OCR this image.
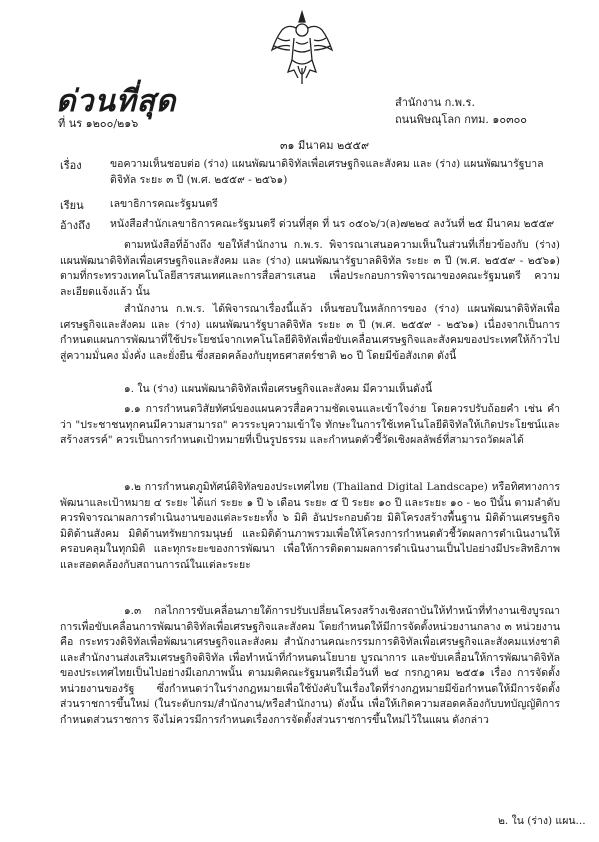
ด่วนที่สุด
ที่ นร ๑๒๐๐/๒๑๖
สำนักงาน ก.พ.ร.
ถนนพิษณุโลก กทม. ๑๐๓๐๐
๓๑ มีนาคม ๒๕๕๙
เรื่อง	ขอความเห็นชอบต่อ (ร่าง) แผนพัฒนาดิจิทัลเพื่อเศรษฐกิจและสังคม และ (ร่าง) แผนพัฒนารัฐบาลดิจิทัล ระยะ ๓ ปี (พ.ศ. ๒๕๕๙ - ๒๕๖๑)
เรียน	เลขาธิการคณะรัฐมนตรี
อ้างถึง หนังสือสำนักเลขาธิการคณะรัฐมนตรี ด่วนที่สุด ที่ นร ๐๕๐๖/ว(ล)๗๒๒๔ ลงวันที่ ๒๕ มีนาคม ๒๕๕๙

ตามหนังสือที่อ้างถึง ขอให้สำนักงาน ก.พ.ร. พิจารณาเสนอความเห็นในส่วนที่เกี่ยวข้องกับ (ร่าง) แผนพัฒนาดิจิทัลเพื่อเศรษฐกิจและสังคม และ (ร่าง) แผนพัฒนารัฐบาลดิจิทัล ระยะ ๓ ปี (พ.ศ. ๒๕๕๙ - ๒๕๖๑) ตามที่กระทรวงเทคโนโลยีสารสนเทศและการสื่อสารเสนอ เพื่อประกอบการพิจารณาของคณะรัฐมนตรี ความละเอียดแจ้งแล้ว นั้น

สำนักงาน ก.พ.ร. ได้พิจารณาเรื่องนี้แล้ว เห็นชอบในหลักการของ (ร่าง) แผนพัฒนาดิจิทัลเพื่อเศรษฐกิจและสังคม และ (ร่าง) แผนพัฒนารัฐบาลดิจิทัล ระยะ ๓ ปี (พ.ศ. ๒๕๕๙ - ๒๕๖๑) เนื่องจากเป็นการกำหนดแผนการพัฒนาที่ใช้ประโยชน์จากเทคโนโลยีดิจิทัลเพื่อขับเคลื่อนเศรษฐกิจและสังคมของประเทศให้ก้าวไปสู่ความมั่นคง มั่งคั่ง และยั่งยืน ซึ่งสอดคล้องกับยุทธศาสตร์ชาติ ๒๐ ปี โดยมีข้อสังเกต ดังนี้

๑. ใน (ร่าง) แผนพัฒนาดิจิทัลเพื่อเศรษฐกิจและสังคม มีความเห็นดังนี้

๑.๑ การกำหนดวิสัยทัศน์ของแผนควรสื่อความชัดเจนและเข้าใจง่าย โดยควรปรับถ้อยคำ เช่น คำว่า "ประชาชนทุกคนมีความสามารถ" ควรระบุความเข้าใจ ทักษะในการใช้เทคโนโลยีดิจิทัลให้เกิดประโยชน์และสร้างสรรค์" ควรเป็นการกำหนดเป้าหมายที่เป็นรูปธรรม และกำหนดตัวชี้วัดเชิงผลลัพธ์ที่สามารถวัดผลได้

๑.๒ การกำหนดภูมิทัศน์ดิจิทัลของประเทศไทย (Thailand Digital Landscape) หรือทิศทางการพัฒนาและเป้าหมาย ๔ ระยะ ได้แก่ ระยะ ๑ ปี ๖ เดือน ระยะ ๕ ปี ระยะ ๑๐ ปี และระยะ ๑๐ - ๒๐ ปีนั้น ตามลำดับ ควรพิจารณาผลการดำเนินงานของแต่ละระยะทั้ง ๖ มิติ อันประกอบด้วย มิติโครงสร้างพื้นฐาน มิติด้านเศรษฐกิจ มิติด้านสังคม มิติด้านทรัพยากรมนุษย์ และมิติด้านภาพรวมเพื่อให้โครงการกำหนดตัวชี้วัดผลการดำเนินงานให้ครอบคลุมในทุกมิติ และทุกระยะของการพัฒนา เพื่อให้การติดตามผลการดำเนินงานเป็นไปอย่างมีประสิทธิภาพ และสอดคล้องกับสถานการณ์ในแต่ละระยะ

๑.๓ กลไกการขับเคลื่อนภายใต้การปรับเปลี่ยนโครงสร้างเชิงสถาบันให้ทำหน้าที่ทำงานเชิงบูรณาการเพื่อขับเคลื่อนการพัฒนาดิจิทัลเพื่อเศรษฐกิจและสังคม โดยกำหนดให้มีการจัดตั้งหน่วยงานกลาง ๓ หน่วยงาน คือ กระทรวงดิจิทัลเพื่อพัฒนาเศรษฐกิจและสังคม สำนักงานคณะกรรมการดิจิทัลเพื่อเศรษฐกิจและสังคมแห่งชาติ และสำนักงานส่งเสริมเศรษฐกิจดิจิทัล เพื่อทำหน้าที่กำหนดนโยบาย บูรณาการ และขับเคลื่อนให้การพัฒนาดิจิทัลของประเทศไทยเป็นไปอย่างมีเอกภาพนั้น ตามมติคณะรัฐมนตรีเมื่อวันที่ ๒๔ กรกฎาคม ๒๕๕๑ เรื่อง การจัดตั้งหน่วยงานของรัฐ ซึ่งกำหนดว่าในร่างกฎหมายเพื่อใช้บังคับในเรื่องใดที่ร่างกฎหมายมีข้อกำหนดให้มีการจัดตั้งส่วนราชการขึ้นใหม่ (ในระดับกรม/สำนักงาน/หรือสำนักงาน) ดังนั้น เพื่อให้เกิดความสอดคล้องกับบทบัญญัติการกำหนดส่วนราชการ จึงไม่ควรมีการกำหนดเรื่องการจัดตั้งส่วนราชการขึ้นใหม่ไว้ในแผน ดังกล่าว

๒. ใน (ร่าง) แผน...
